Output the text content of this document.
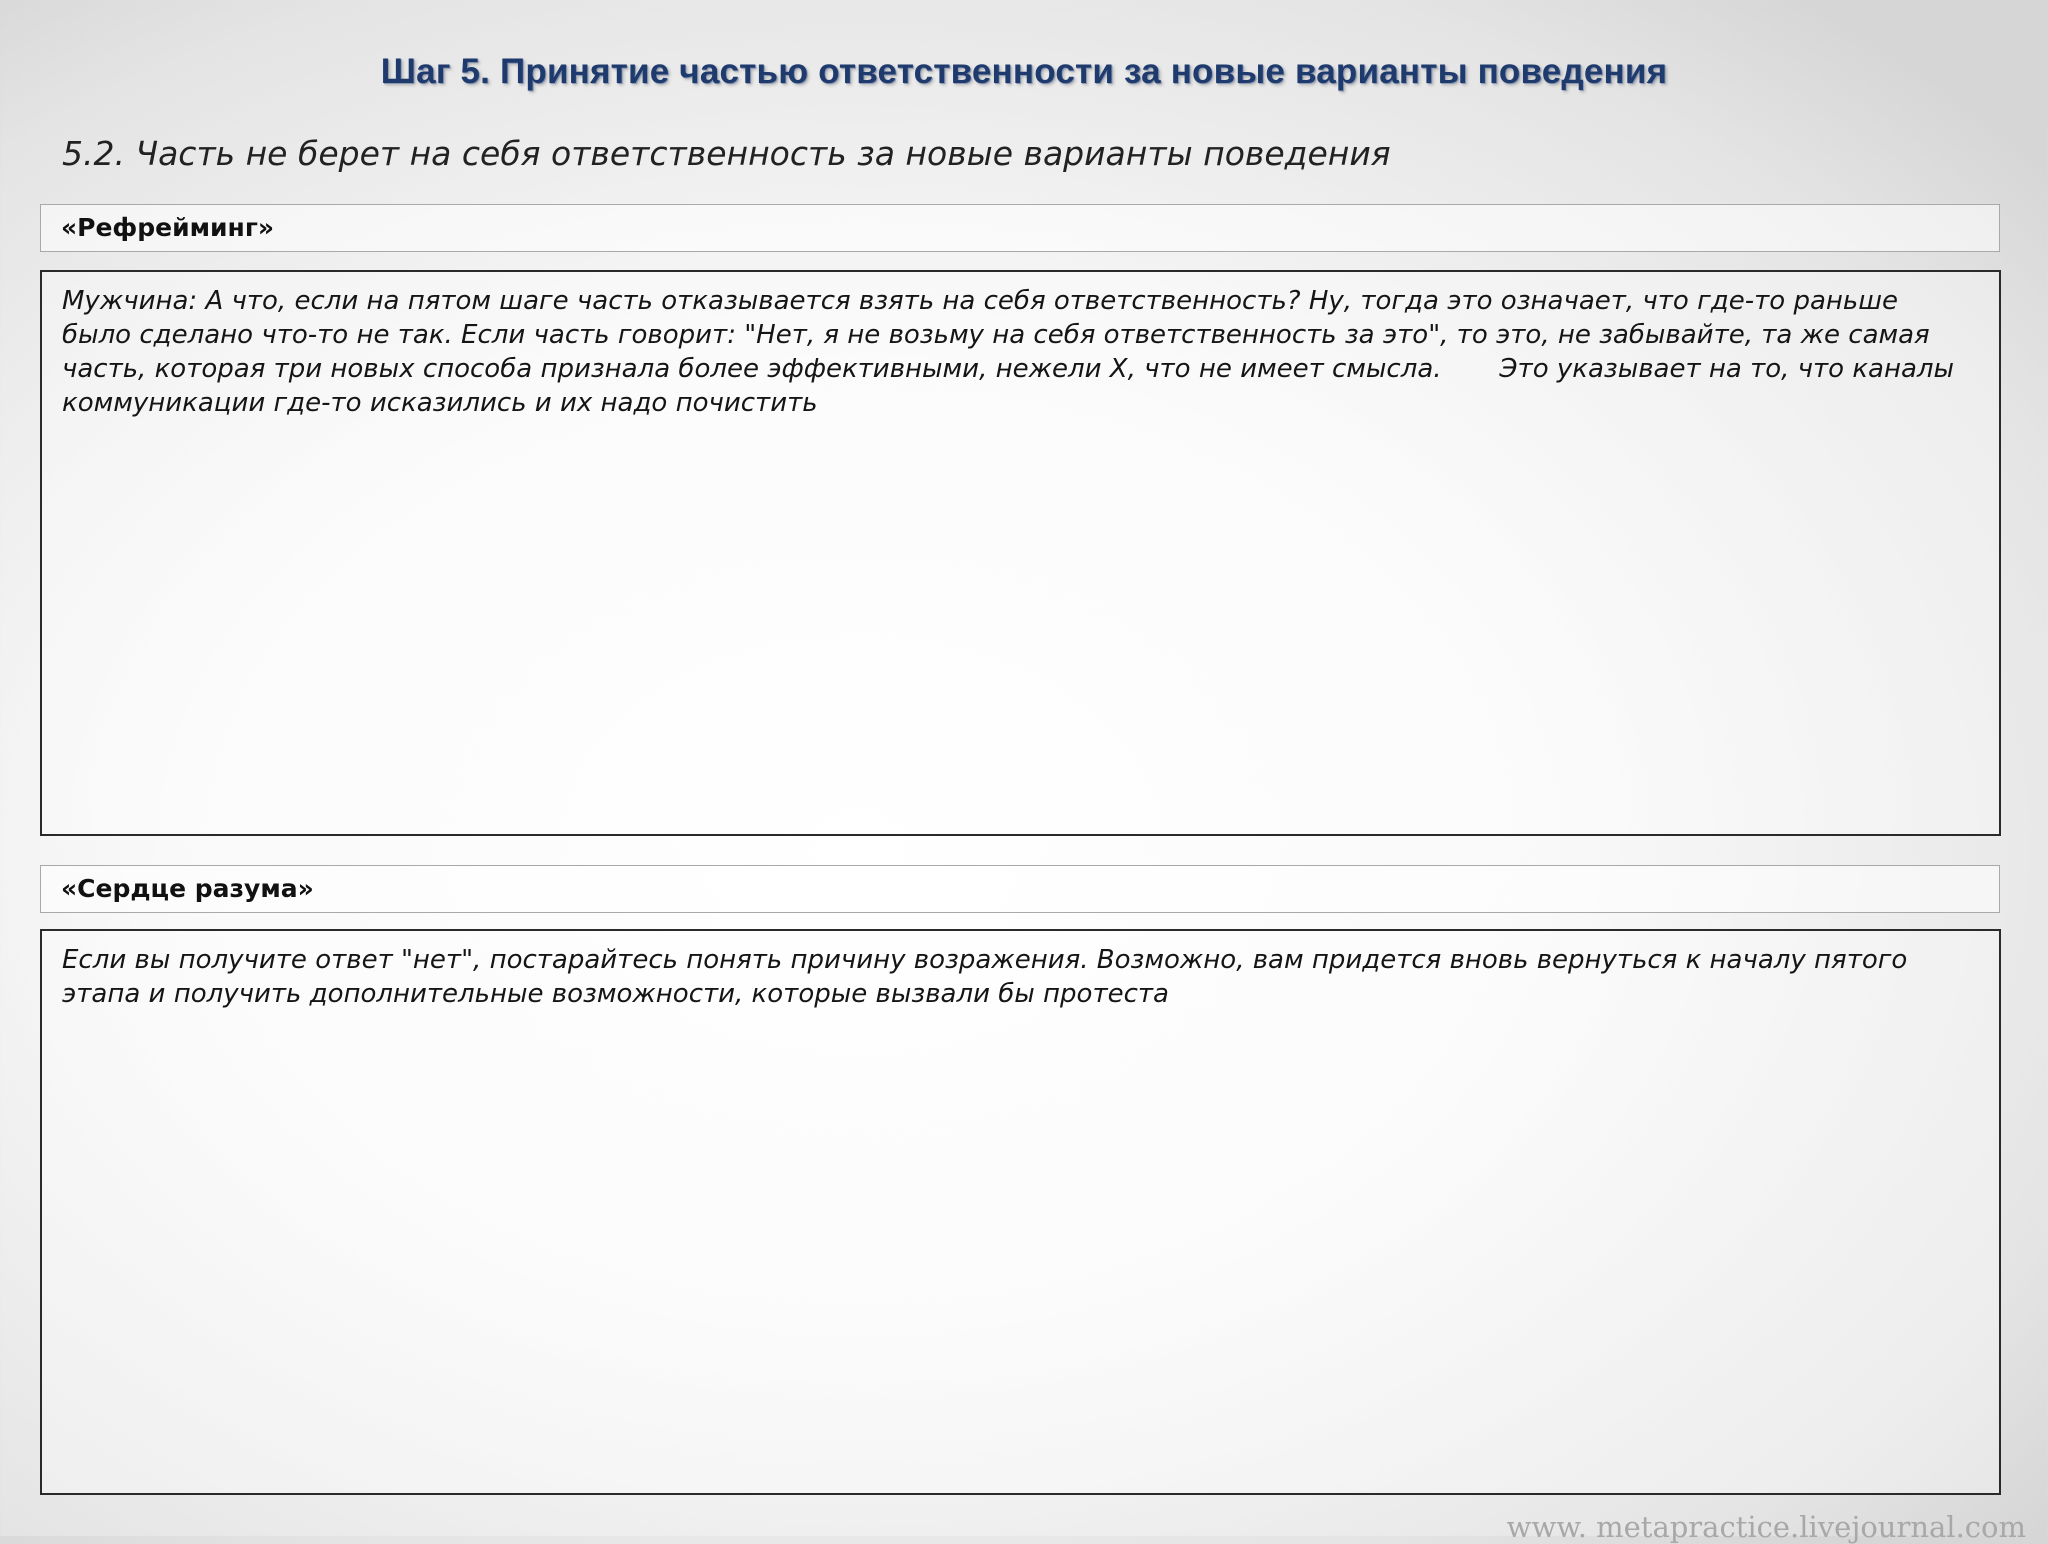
Шаг 5. Принятие частью ответственности за новые варианты поведения
5.2. Часть не берет на себя ответственность за новые варианты поведения
«Рефрейминг»

Мужчина: А что, если на пятом шаге часть отказывается взять на себя ответственность? Ну, тогда это означает, что где-то раньше было сделано что-то не так. Если часть говорит: "Нет, я не возьму на себя ответственность за это", то это, не забывайте, та же самая часть, которая три новых способа признала более эффективными, нежели Х, что не имеет смысла.       Это указывает на то, что каналы коммуникации где-то исказились и их надо почистить

«Сердце разума»

Если вы получите ответ "нет", постарайтесь понять причину возражения. Возможно, вам придется вновь вернуться к началу пятого этапа и получить дополнительные возможности, которые вызвали бы протеста

www. metapractice.livejournal.com
